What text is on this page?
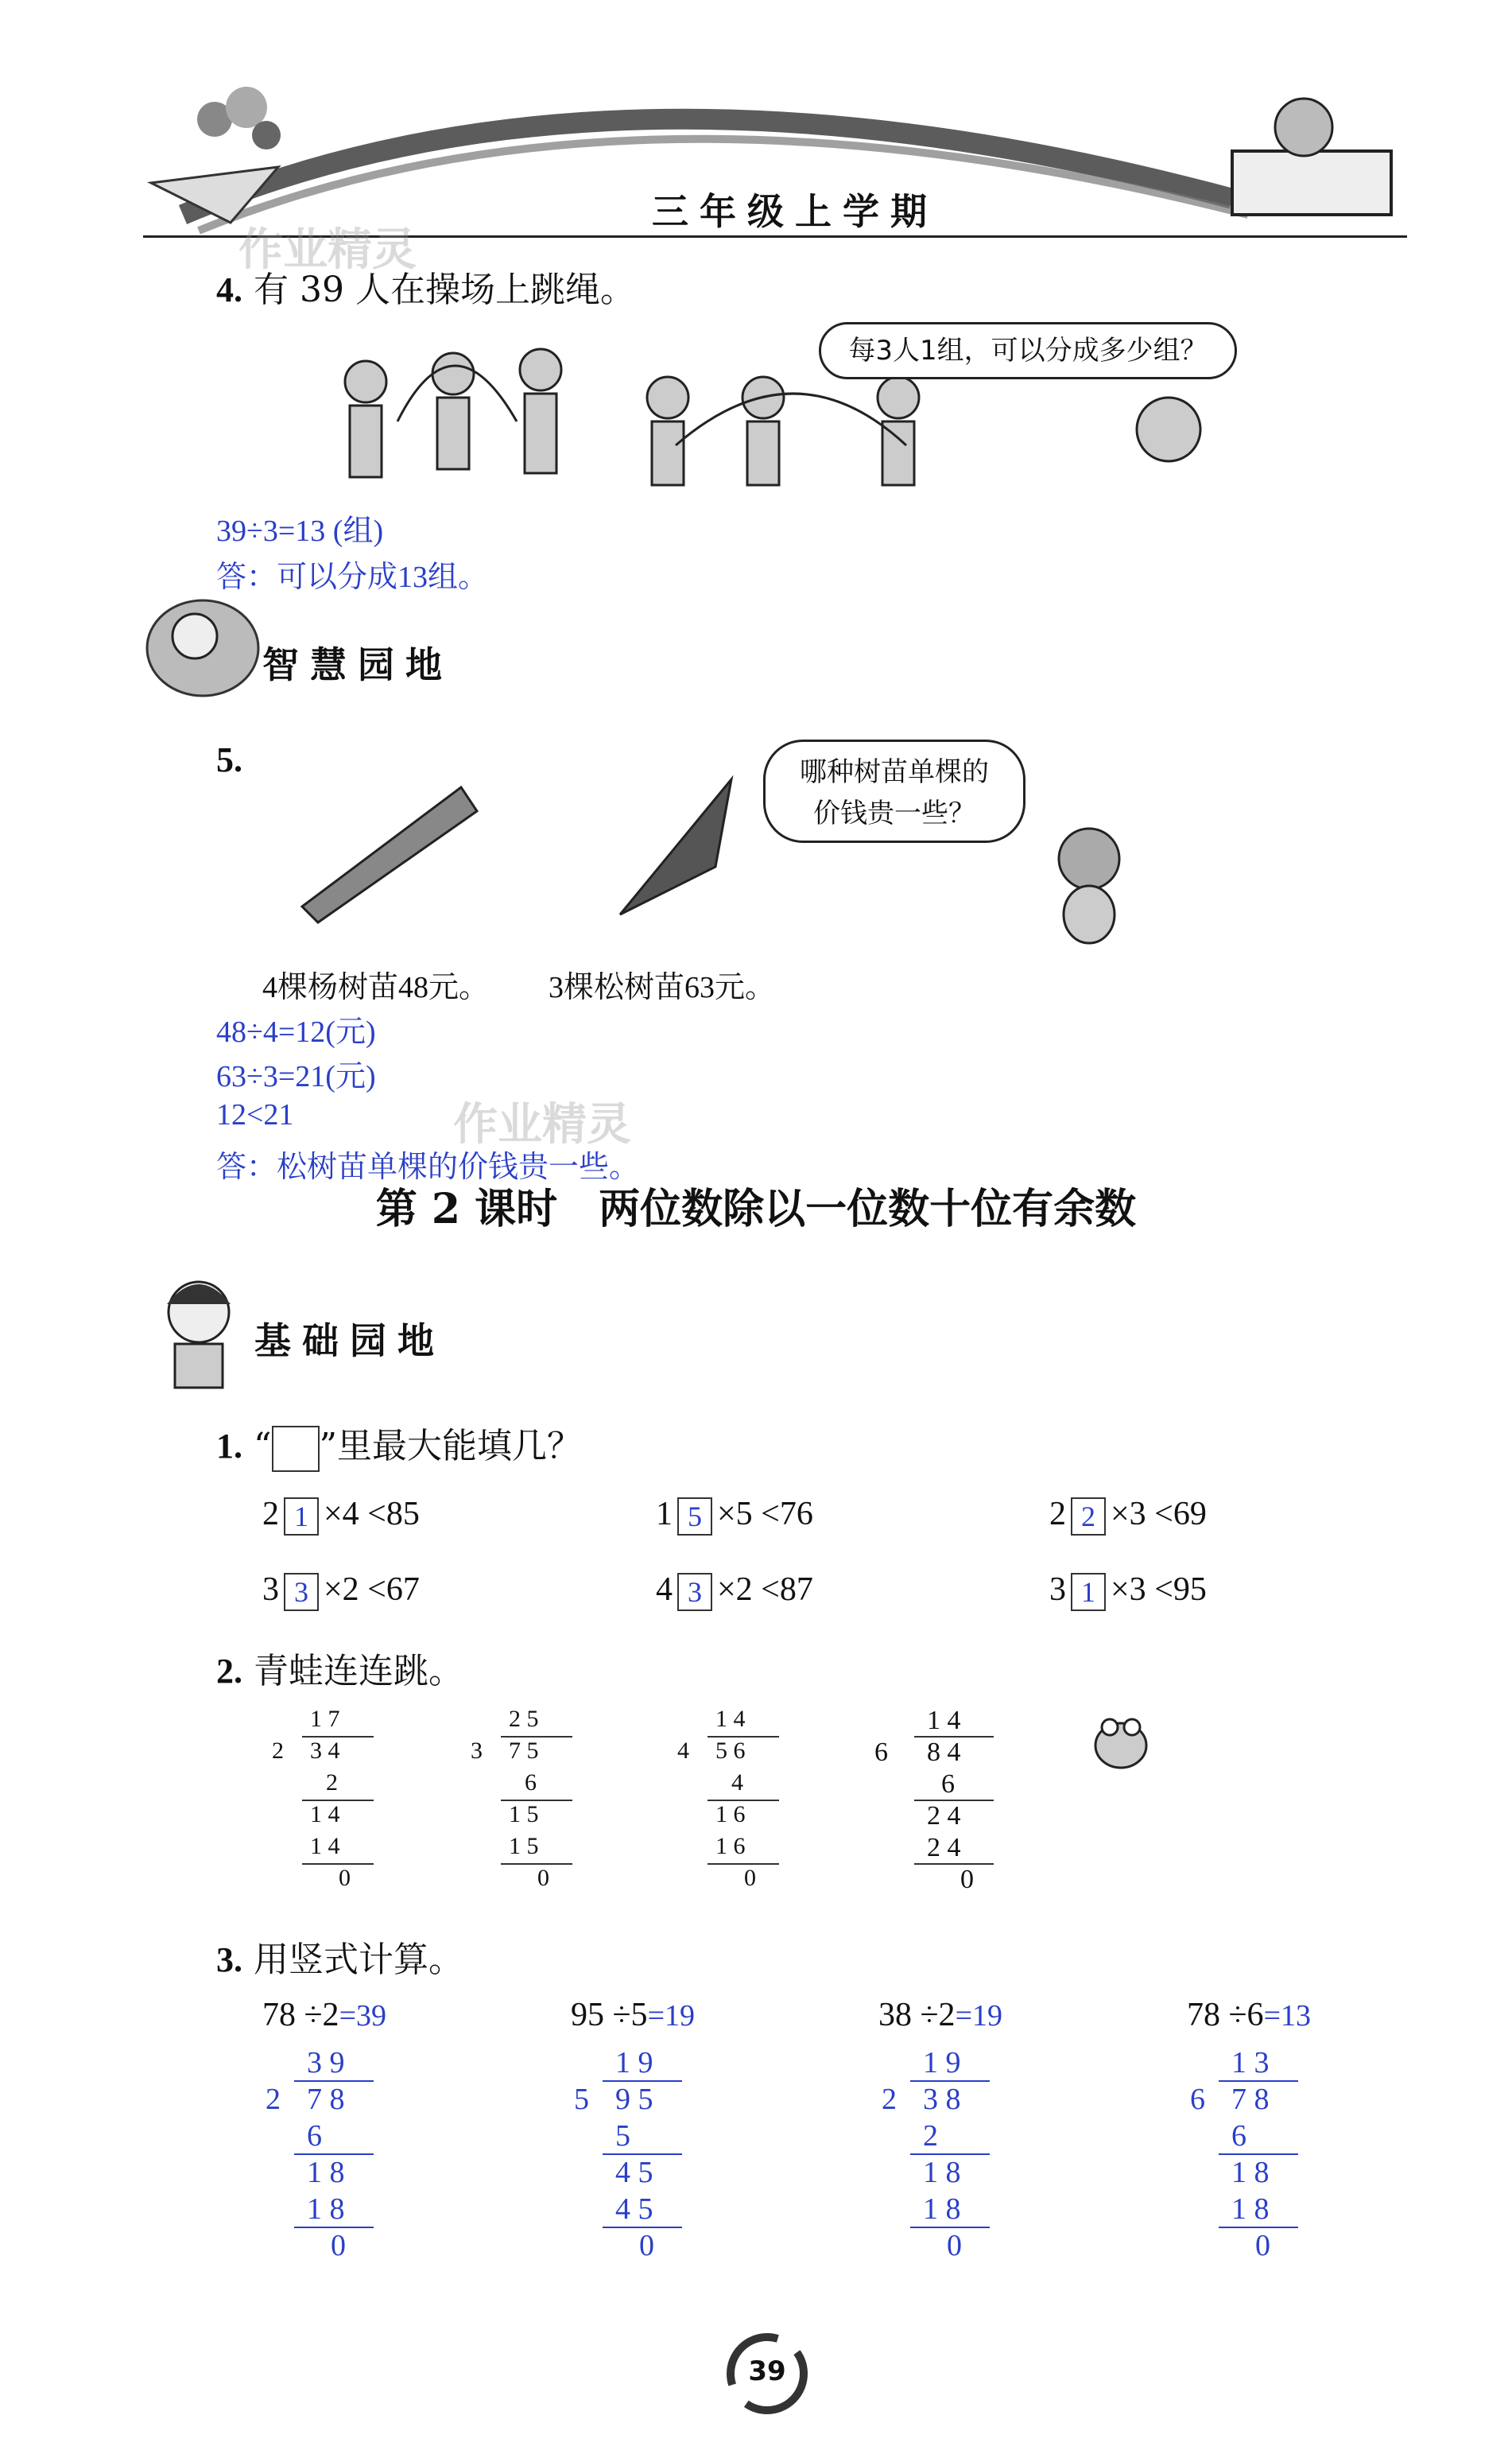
三年级上学期
作业精灵
4. 有 39 人在操场上跳绳。
每3人1组，可以分成多少组？
39÷3=13 (组)
答：可以分成13组。
智慧园地
5.	哪种树苗单棵的
价钱贵一些？
4棵杨树苗48元。 3棵松树苗63元。
48÷4=12(元)
63÷3=21(元)
12<21
答：松树苗单棵的价钱贵一些。
作业精灵
第 2 课时　两位数除以一位数十位有余数
基础园地
1. “ ”里最大能填几？
2 1 ×4 <85	1 5 ×5 <76	2 2 ×3 <69
3 3 ×2 <67	4 3 ×2 <87	3 1 ×3 <95
2. 青蛙连连跳。
1 7
2 3 4
2
1 4
1 4
0
2 5
3 7 5
6
1 5
1 5
0
1 4
4 5 6
4
1 6
1 6
0
1 4
6 8 4
6
2 4
2 4
0
3. 用竖式计算。
78 ÷2=39	95 ÷5=19	38 ÷2=19	78 ÷6=13
3 9
2 7 8
6
1 8
1 8
0
1 9
5 9 5
5
4 5
4 5
0
1 9
2 3 8
2
1 8
1 8
0
1 3
6 7 8
6
1 8
1 8
0
39
